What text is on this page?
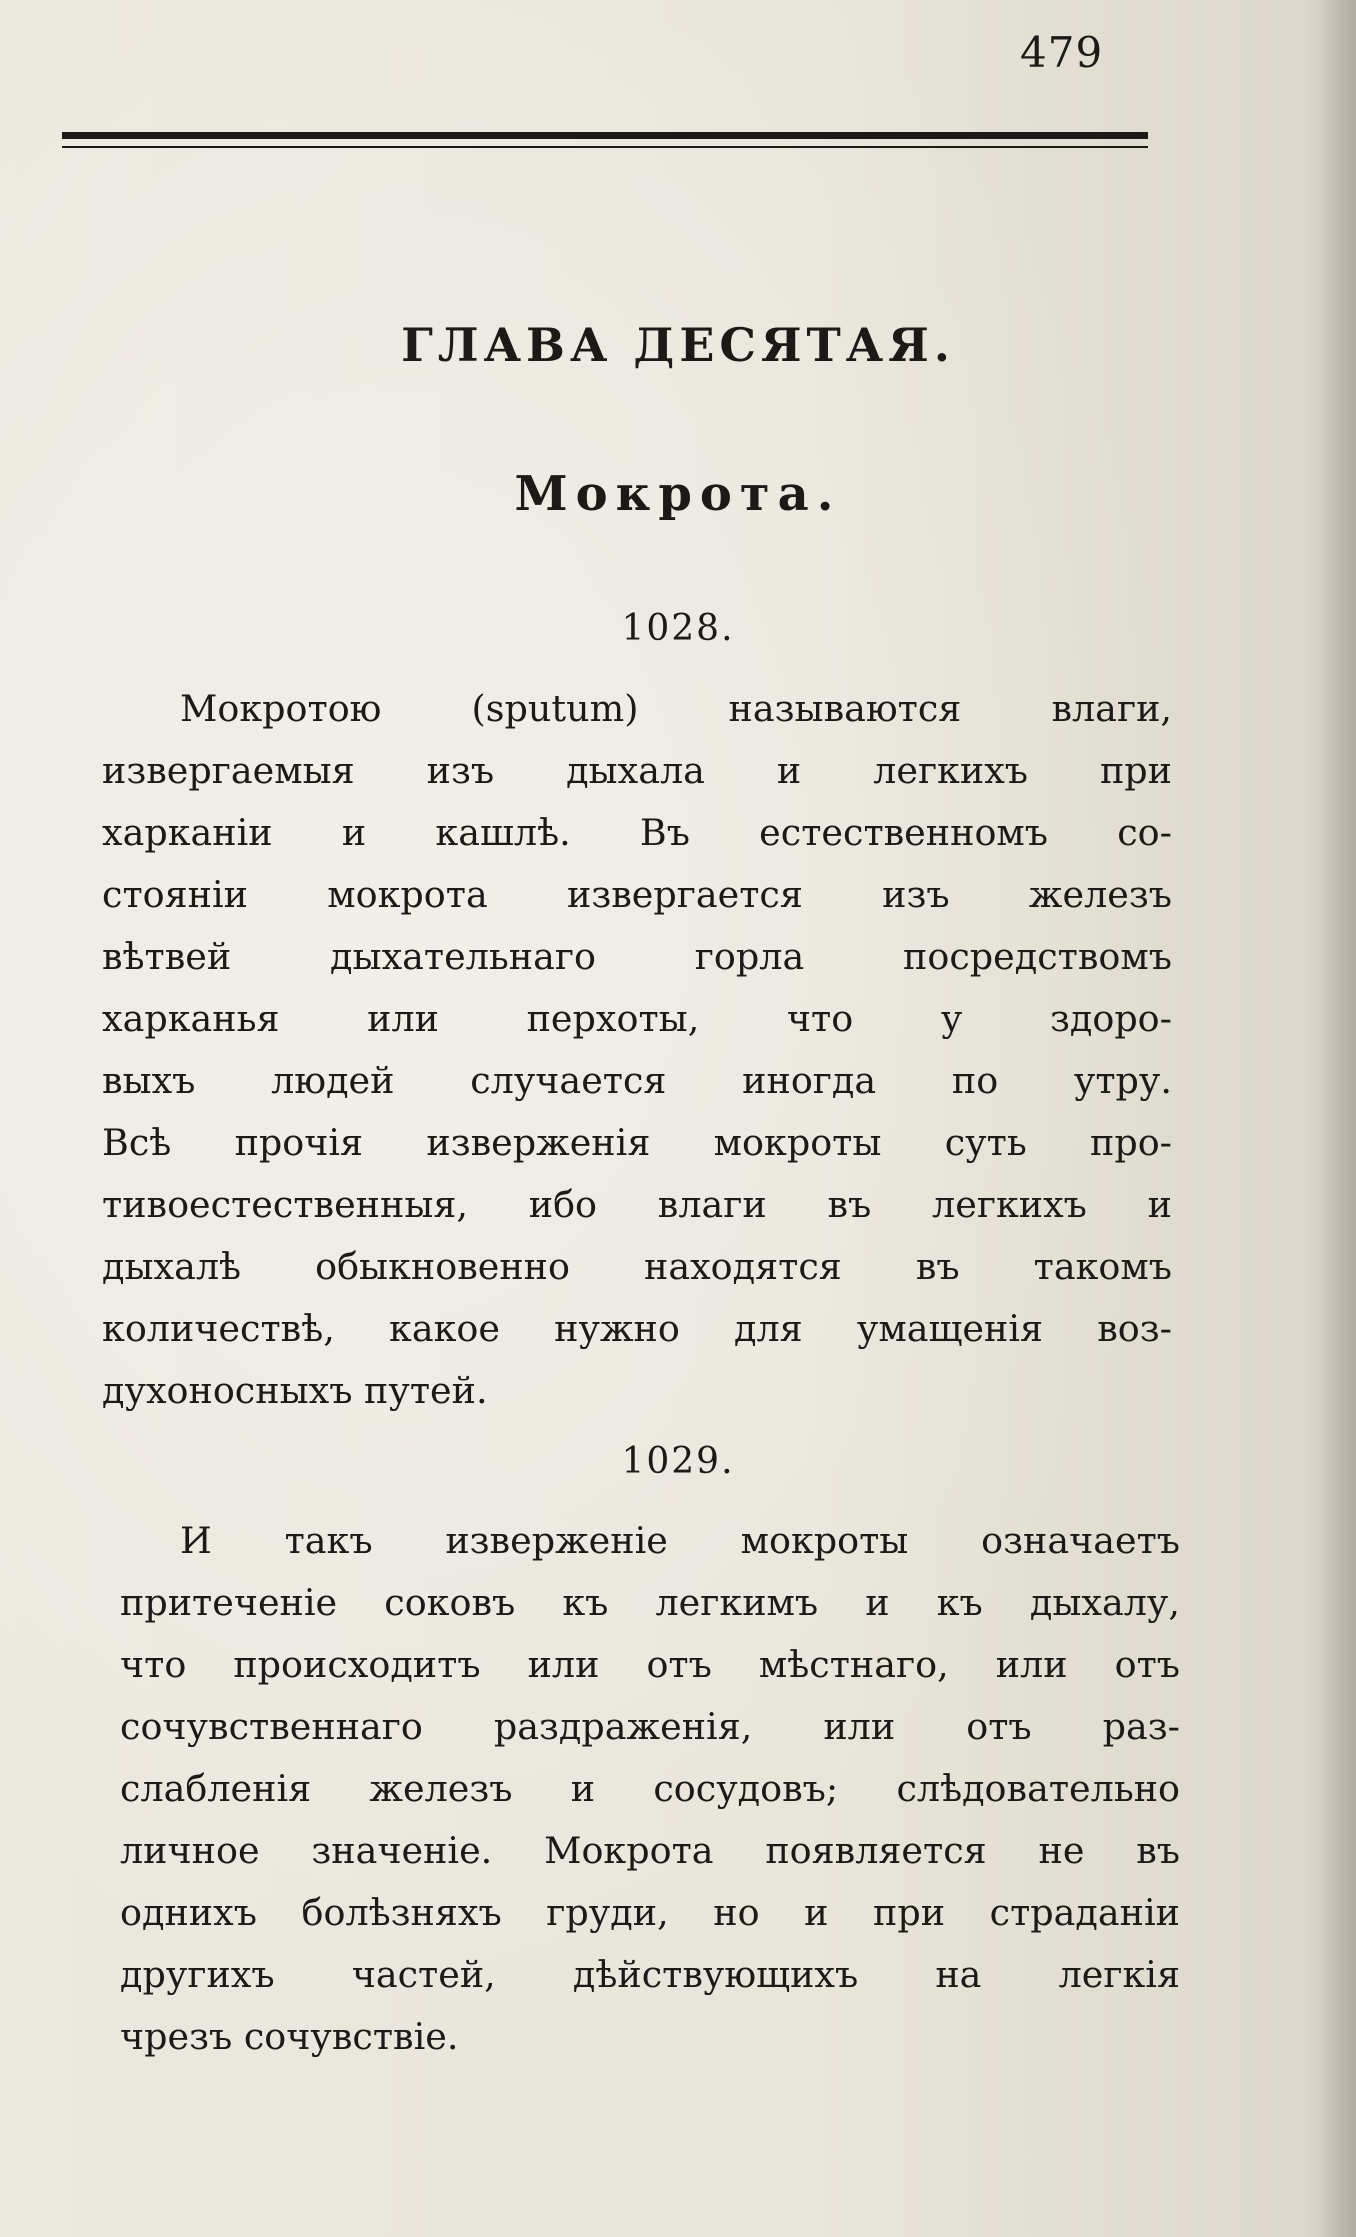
479
ГЛАВА ДЕСЯТАЯ.
Мокрота.
1028.
Мокротою (sputum) называются влаги,
извергаемыя изъ дыхала и легкихъ при
харканіи и кашлѣ. Въ естественномъ со-
стояніи мокрота извергается изъ железъ
вѣтвей дыхательнаго горла посредствомъ
харканья или перхоты, что у здоро-
выхъ людей случается иногда по утру.
Всѣ прочія изверженія мокроты суть про-
тивоестественныя, ибо влаги въ легкихъ и
дыхалѣ обыкновенно находятся въ такомъ
количествѣ, какое нужно для умащенія воз-
духоносныхъ путей.
1029.
И такъ изверженіе мокроты означаетъ
притеченіе соковъ къ легкимъ и къ дыхалу,
что происходитъ или отъ мѣстнаго, или отъ
сочувственнаго раздраженія, или отъ раз-
слабленія железъ и сосудовъ; слѣдовательно
личное значеніе. Мокрота появляется не въ
однихъ болѣзняхъ груди, но и при страданіи
другихъ частей, дѣйствующихъ на легкія
чрезъ сочувствіе.
